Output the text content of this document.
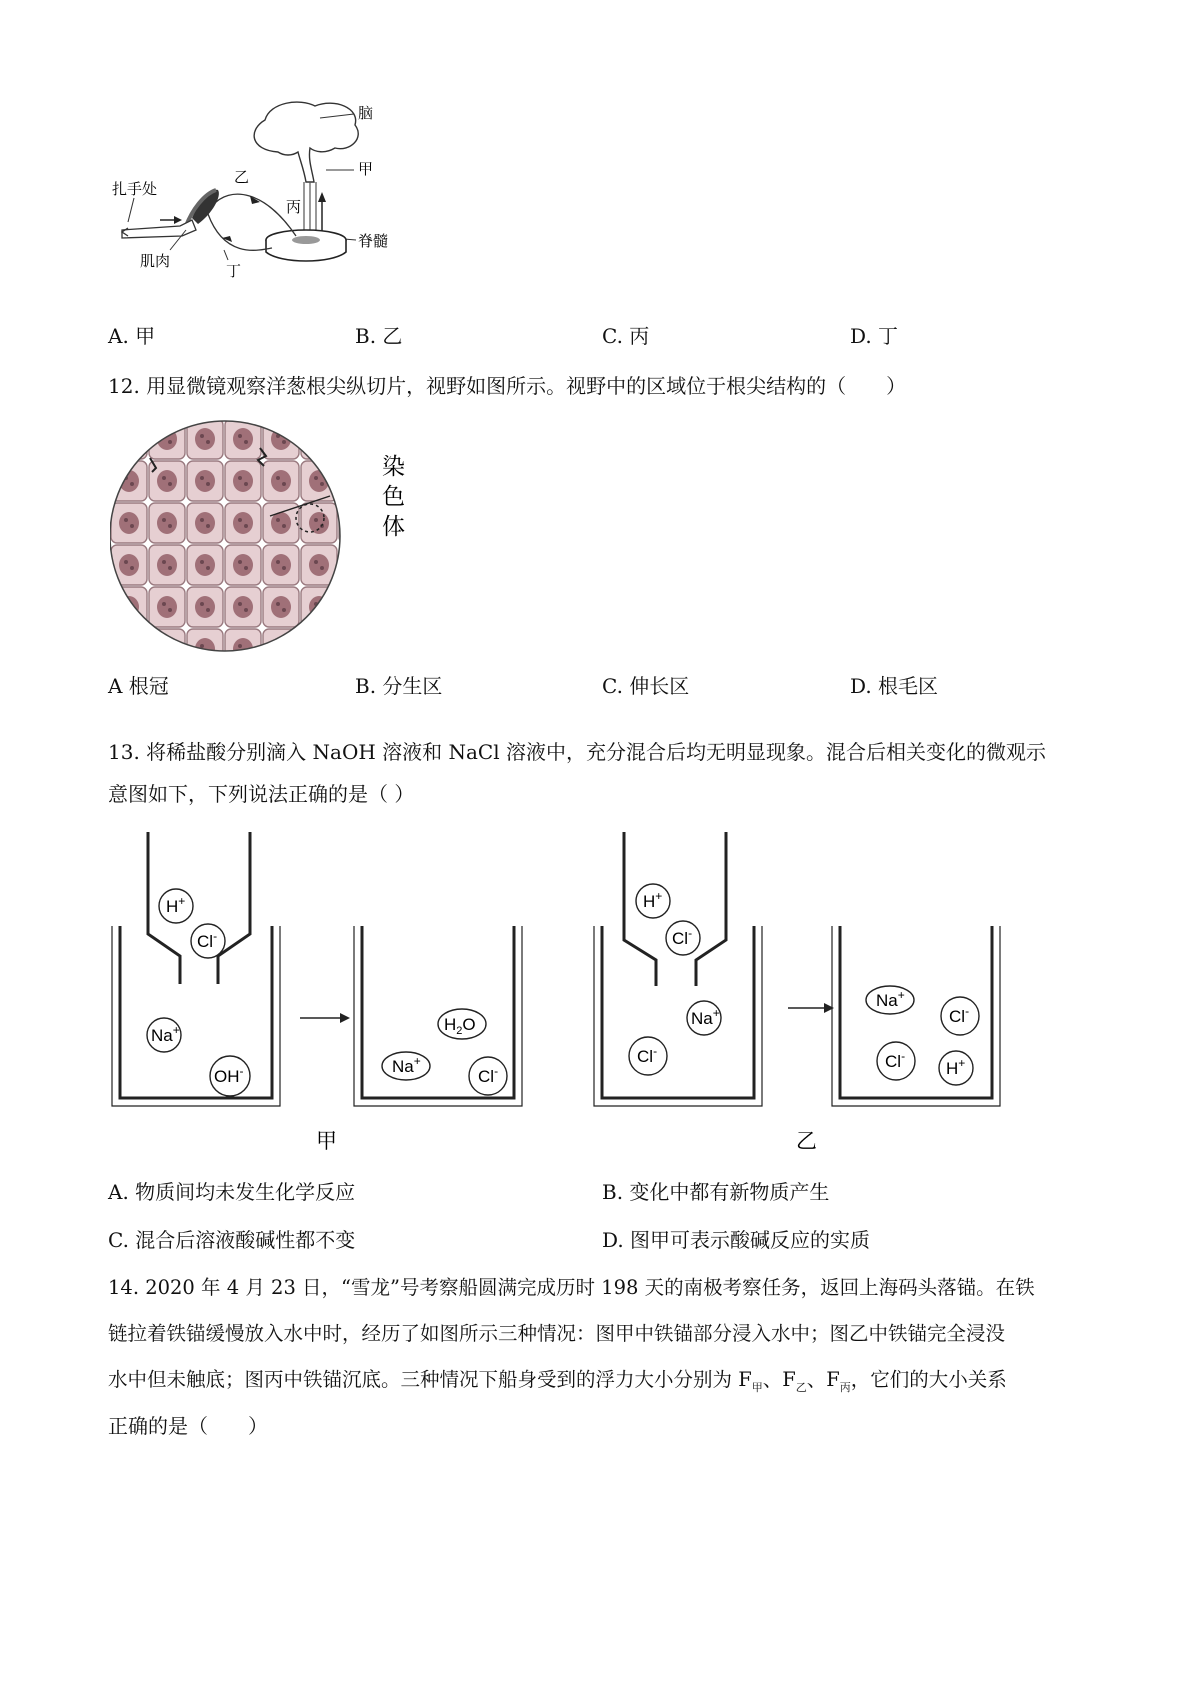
脑
甲
乙
丙
丁
脊髓
扎手处
肌肉
A. 甲	B. 乙	C. 丙	D. 丁
12. 用显微镜观察洋葱根尖纵切片，视野如图所示。视野中的区域位于根尖结构的（　　）
染
色
体
A 根冠	B. 分生区	C. 伸长区	D. 根毛区
13. 将稀盐酸分别滴入 NaOH 溶液和 NaCl 溶液中，充分混合后均无明显现象。混合后相关变化的微观示
意图如下，下列说法正确的是（ ）
H+
Cl-
Na+
OH-
$H_2O$
Na+
Cl-
H+
Cl-
Na+
Cl-
Na+
Cl-
Cl-
H+
甲	乙
A. 物质间均未发生化学反应	B. 变化中都有新物质产生
C. 混合后溶液酸碱性都不变	D. 图甲可表示酸碱反应的实质
14. 2020 年 4 月 23 日，“雪龙”号考察船圆满完成历时 198 天的南极考察任务，返回上海码头落锚。在铁
链拉着铁锚缓慢放入水中时，经历了如图所示三种情况：图甲中铁锚部分浸入水中；图乙中铁锚完全浸没
水中但未触底；图丙中铁锚沉底。三种情况下船身受到的浮力大小分别为 $F_甲$、$F_乙$、$F_丙$，它们的大小关系
正确的是（　　）
